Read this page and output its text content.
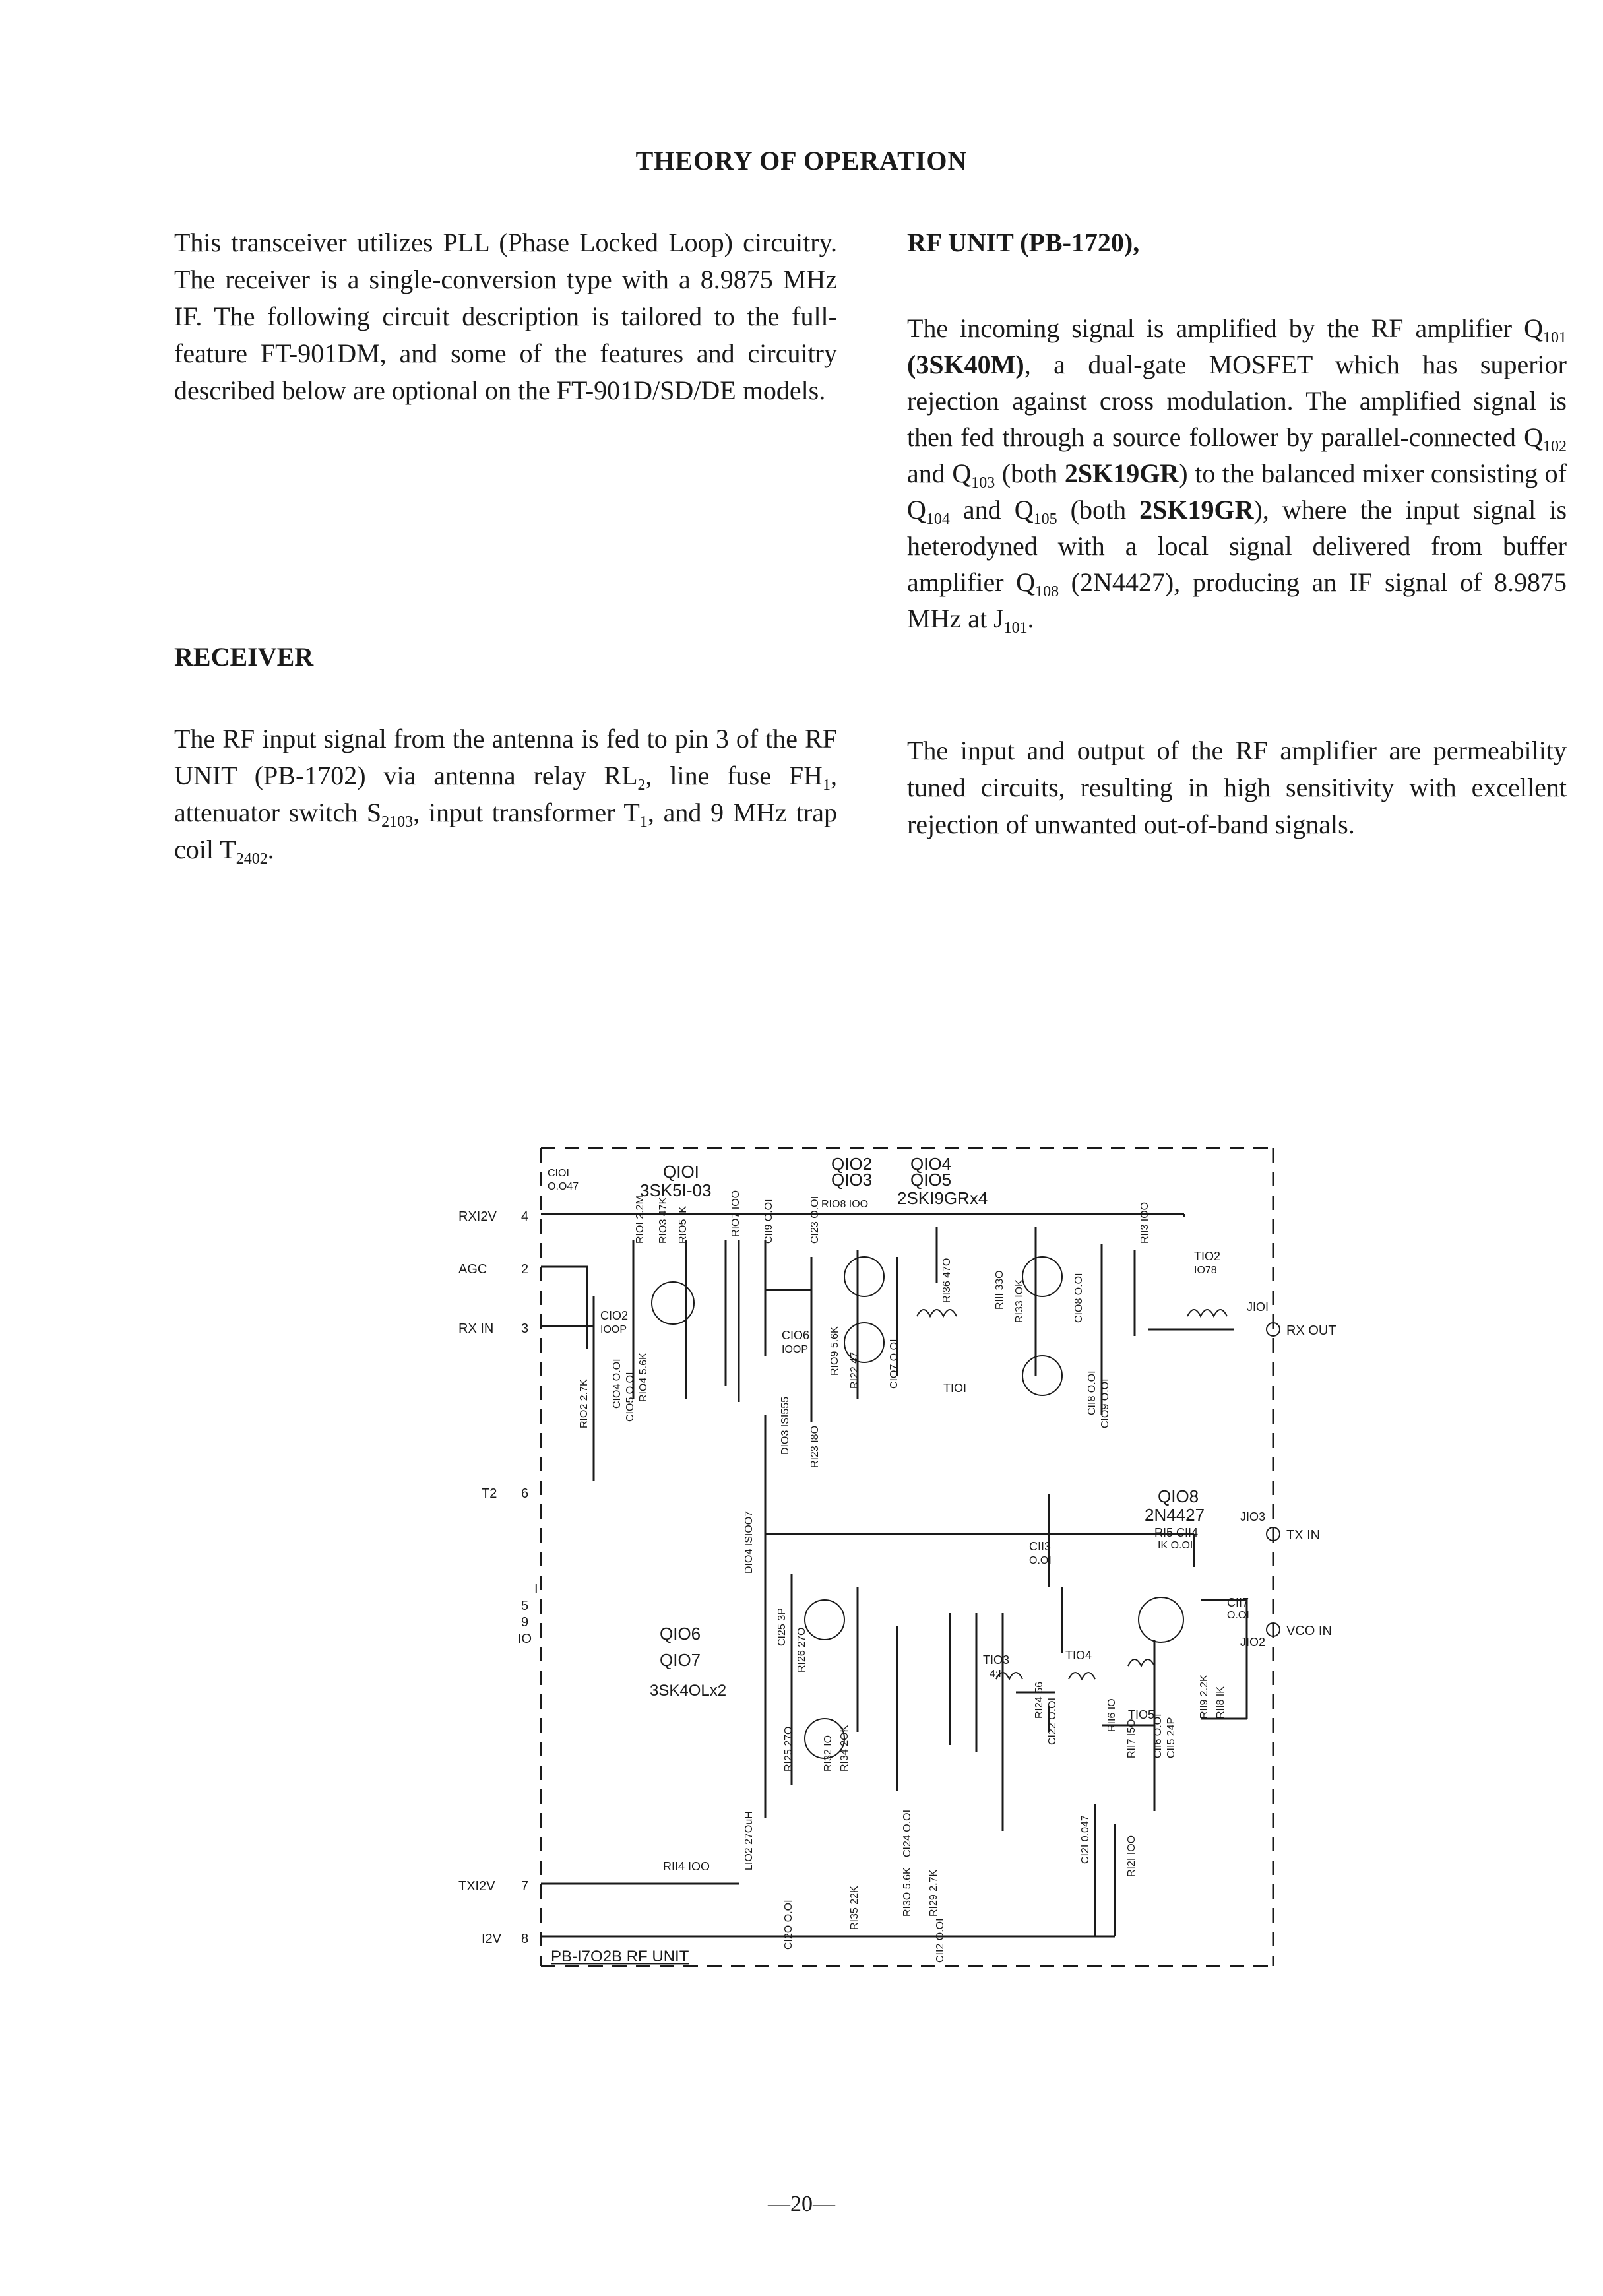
THEORY OF OPERATION

This transceiver utilizes PLL (Phase Locked Loop) circuitry. The receiver is a single-conversion type with a 8.9875 MHz IF. The following circuit description is tailored to the full-feature FT-901DM, and some of the features and circuitry described below are optional on the FT-901D/SD/DE models.

RECEIVER

The RF input signal from the antenna is fed to pin 3 of the RF UNIT (PB-1702) via antenna relay $RL_2$, line fuse $FH_1$, attenuator switch $S_{2103}$, input transformer $T_1$, and 9 MHz trap coil $T_{2402}$.

RF UNIT (PB-1720),

The incoming signal is amplified by the RF amplifier $Q_{101}$ (3SK40M), a dual-gate MOSFET which has superior rejection against cross modulation. The amplified signal is then fed through a source follower by parallel-connected $Q_{102}$ and $Q_{103}$ (both 2SK19GR) to the balanced mixer consisting of $Q_{104}$ and $Q_{105}$ (both 2SK19GR), where the input signal is heterodyned with a local signal delivered from buffer amplifier $Q_{108}$ (2N4427), producing an IF signal of 8.9875 MHz at $J_{101}$.

The input and output of the RF amplifier are permeability tuned circuits, resulting in high sensitivity with excellent rejection of unwanted out-of-band signals.

RXI2V
AGC
RX IN
T2
TXI2V
I2V
4
2
3
6
I
5
9
IO
7
8
RX OUT
TX IN
VCO IN
JIOI
JIO3
JIO2
QIOI
3SK5I-03
QIO2
QIO3
QIO4
QIO5
2SKI9GRx4
RIO8 IOO
QIO6
QIO7
3SK4OLx2
QIO8
2N4427
RI5 CII4
IK O.OI
CII3
O.OI
CII7
O.OI
RII4 IOO
TIOI
TIO2
IO78
TIO3
4:I
TIO4
TIO5
CIO6
IOOP
CIO2
IOOP
CIOI
O.O47
DIO4 ISIOO7
DIO3 ISI555
LIO2 27OuH	RI2I IOO
CI2I 0.047
RIOI 2.2M RIO3 47K RIO5 IK	RIO7 IOO CII9 O.OI	CI23 O.OI	RII3 IOO
RI22 47
RIO9 5.6K
RI23 I8O
CIO7 O.OI
RI36 47O	RIII 33O RI33 IOK	CIO8 O.OI
CII8 O.OI CIO9 O.OI
RIO2 2.7K CIO4 O.OI CIO5 O.OI RIO4 5.6K
RI26 27O
RI25 27O
CI25 3P
RI32 IO RI34 2OK
RI35 22K
CI24 O.OI
RI3O 5.6K RI29 2.7K
CII2 O.OI
CI2O O.OI
RI24 56 CI22 O.OI	RII6 IO
RII7 I5O CII6 O.OI CII5 24P
RII9 2.2K RII8 IK
PB-I7O2B RF UNIT
—20—
